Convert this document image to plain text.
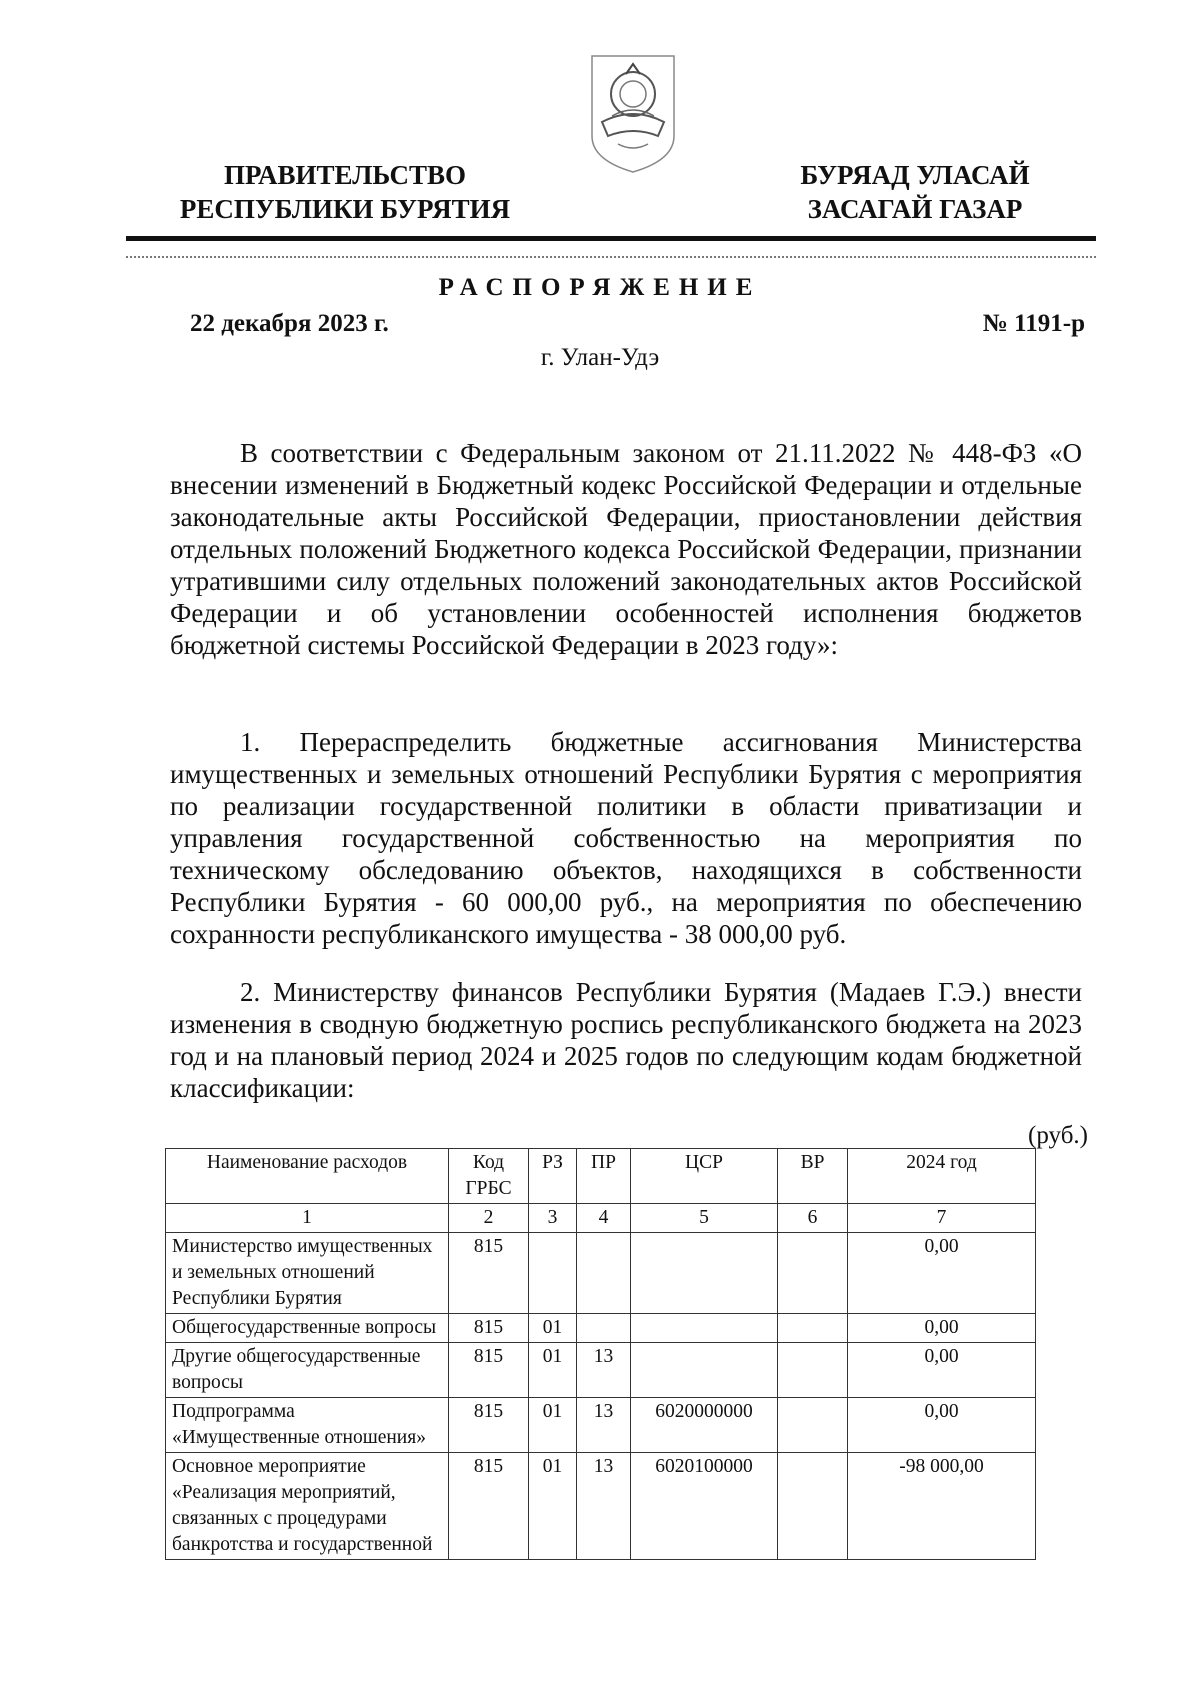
ПРАВИТЕЛЬСТВО
РЕСПУБЛИКИ БУРЯТИЯ
БУРЯАД УЛАСАЙ
ЗАСАГАЙ ГАЗАР
РАСПОРЯЖЕНИЕ
22 декабря 2023 г.	№ 1191-р
г. Улан-Удэ
В соответствии с Федеральным законом от 21.11.2022 № 448-ФЗ «О внесении изменений в Бюджетный кодекс Российской Федерации и отдельные законодательные акты Российской Федерации, приостановлении действия отдельных положений Бюджетного кодекса Российской Федерации, признании утратившими силу отдельных положений законодательных актов Российской Федерации и об установлении особенностей исполнения бюджетов бюджетной системы Российской Федерации в 2023 году»:
1. Перераспределить бюджетные ассигнования Министерства имущественных и земельных отношений Республики Бурятия с мероприятия по реализации государственной политики в области приватизации и управления государственной собственностью на мероприятия по техническому обследованию объектов, находящихся в собственности Республики Бурятия - 60 000,00 руб., на мероприятия по обеспечению сохранности республиканского имущества - 38 000,00 руб.
2. Министерству финансов Республики Бурятия (Мадаев Г.Э.) внести изменения в сводную бюджетную роспись республиканского бюджета на 2023 год и на плановый период 2024 и 2025 годов по следующим кодам бюджетной классификации:
(руб.)
Наименование расходов	Код ГРБС	РЗ	ПР	ЦСР	ВР	2024 год
1	2	3	4	5	6	7
Министерство имущественных и земельных отношений Республики Бурятия	815					0,00
Общегосударственные вопросы	815	01				0,00
Другие общегосударственные вопросы	815	01	13			0,00
Подпрограмма «Имущественные отношения»	815	01	13	6020000000		0,00
Основное мероприятие «Реализация мероприятий, связанных с процедурами банкротства и государственной	815	01	13	6020100000		-98 000,00
